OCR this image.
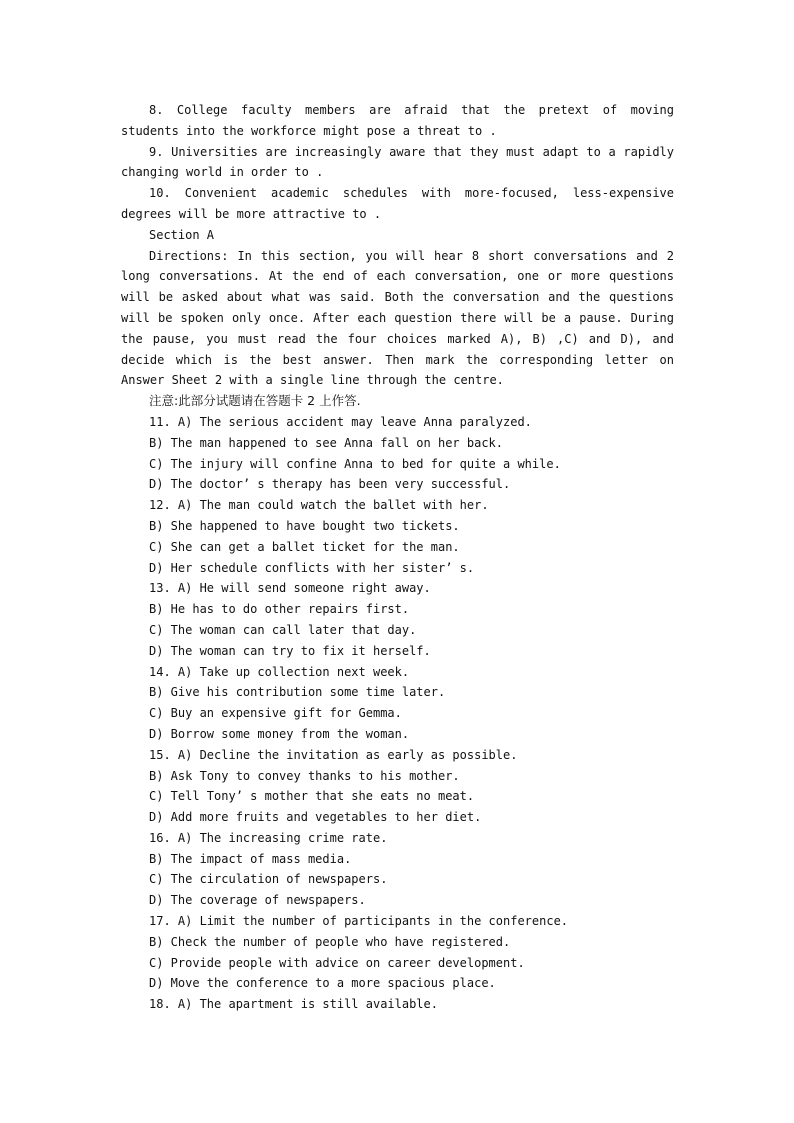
8. College faculty members are afraid that the pretext of moving students into the workforce might pose a threat to .

9. Universities are increasingly aware that they must adapt to a rapidly changing world in order to .

10. Convenient academic schedules with more-focused, less-expensive degrees will be more attractive to .

Section A

Directions: In this section, you will hear 8 short conversations and 2 long conversations. At the end of each conversation, one or more questions will be asked about what was said. Both the conversation and the questions will be spoken only once. After each question there will be a pause. During the pause, you must read the four choices marked A), B) ,C) and D), and decide which is the best answer. Then mark the corresponding letter on Answer Sheet 2 with a single line through the centre.

注意:此部分试题请在答题卡 2 上作答.

11. A) The serious accident may leave Anna paralyzed.

B) The man happened to see Anna fall on her back.

C) The injury will confine Anna to bed for quite a while.

D) The doctor’ s therapy has been very successful.

12. A) The man could watch the ballet with her.

B) She happened to have bought two tickets.

C) She can get a ballet ticket for the man.

D) Her schedule conflicts with her sister’ s.

13. A) He will send someone right away.

B) He has to do other repairs first.

C) The woman can call later that day.

D) The woman can try to fix it herself.

14. A) Take up collection next week.

B) Give his contribution some time later.

C) Buy an expensive gift for Gemma.

D) Borrow some money from the woman.

15. A) Decline the invitation as early as possible.

B) Ask Tony to convey thanks to his mother.

C) Tell Tony’ s mother that she eats no meat.

D) Add more fruits and vegetables to her diet.

16. A) The increasing crime rate.

B) The impact of mass media.

C) The circulation of newspapers.

D) The coverage of newspapers.

17. A) Limit the number of participants in the conference.

B) Check the number of people who have registered.

C) Provide people with advice on career development.

D) Move the conference to a more spacious place.

18. A) The apartment is still available.
